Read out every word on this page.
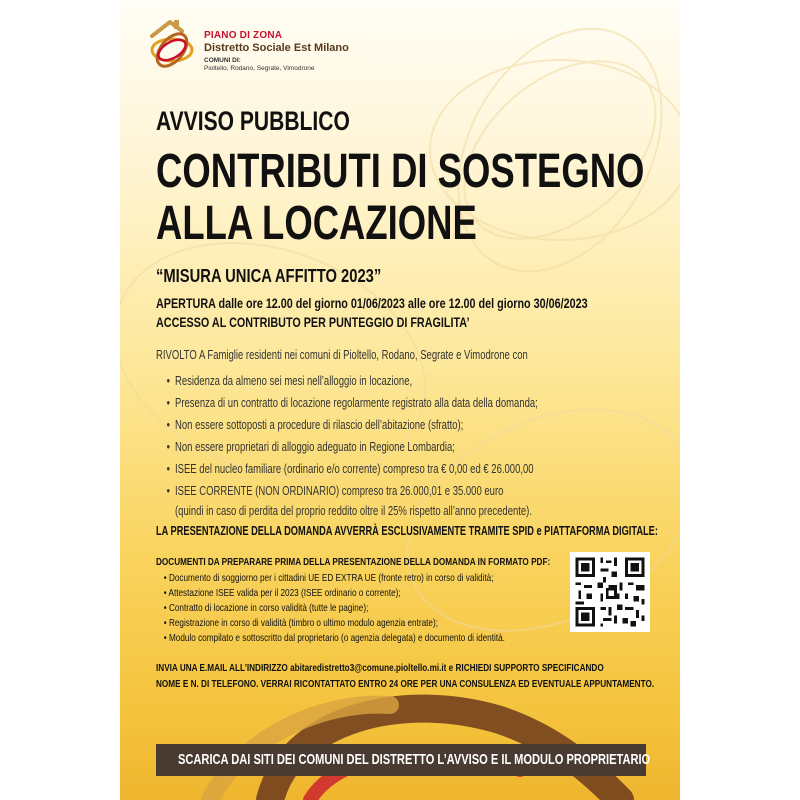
PIANO DI ZONA
Distretto Sociale Est Milano
COMUNI DI:
Pioltello, Rodano, Segrate, Vimodrone
AVVISO PUBBLICO
CONTRIBUTI DI SOSTEGNO
ALLA LOCAZIONE
“MISURA UNICA AFFITTO 2023”
APERTURA dalle ore 12.00 del giorno 01/06/2023 alle ore 12.00 del giorno 30/06/2023
ACCESSO AL CONTRIBUTO PER PUNTEGGIO DI FRAGILITA’
RIVOLTO A Famiglie residenti nei comuni di Pioltello, Rodano, Segrate e Vimodrone con
• Residenza da almeno sei mesi nell’alloggio in locazione,
• Presenza di un contratto di locazione regolarmente registrato alla data della domanda;
• Non essere sottoposti a procedure di rilascio dell’abitazione (sfratto);
• Non essere proprietari di alloggio adeguato in Regione Lombardia;
• ISEE del nucleo familiare (ordinario e/o corrente) compreso tra € 0,00 ed € 26.000,00
• ISEE CORRENTE (NON ORDINARIO) compreso tra 26.000,01 e 35.000 euro
(quindi in caso di perdita del proprio reddito oltre il 25% rispetto all’anno precedente).
LA PRESENTAZIONE DELLA DOMANDA AVVERRÀ ESCLUSIVAMENTE TRAMITE SPID e PIATTAFORMA DIGITALE:
DOCUMENTI DA PREPARARE PRIMA DELLA PRESENTAZIONE DELLA DOMANDA IN FORMATO PDF:
• Documento di soggiorno per i cittadini UE ED EXTRA UE (fronte retro) in corso di validità;
• Attestazione ISEE valida per il 2023 (ISEE ordinario o corrente);
• Contratto di locazione in corso validità (tutte le pagine);
• Registrazione in corso di validità (timbro o ultimo modulo agenzia entrate);
• Modulo compilato e sottoscritto dal proprietario (o agenzia delegata) e documento di identità.
INVIA UNA E.MAIL ALL’INDIRIZZO abitaredistretto3@comune.pioltello.mi.it e RICHIEDI SUPPORTO SPECIFICANDO
NOME E N. DI TELEFONO. VERRAI RICONTATTATO ENTRO 24 ORE PER UNA CONSULENZA ED EVENTUALE APPUNTAMENTO.
SCARICA DAI SITI DEI COMUNI DEL DISTRETTO L’AVVISO E IL MODULO PROPRIETARIO
